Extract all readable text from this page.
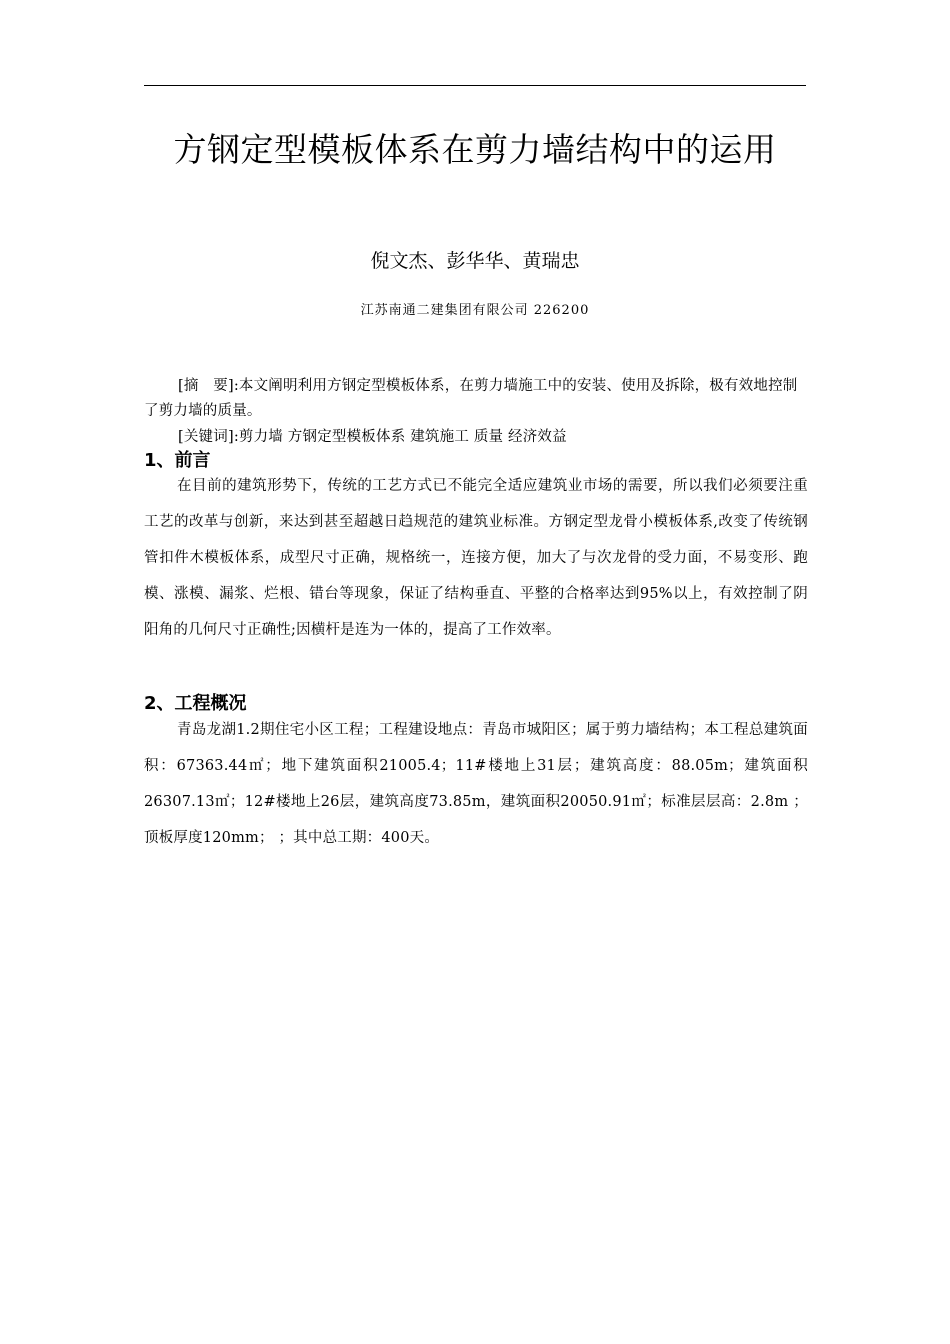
方钢定型模板体系在剪力墙结构中的运用
倪文杰、彭华华、黄瑞忠
江苏南通二建集团有限公司 226200
[摘　要]:本文阐明利用方钢定型模板体系，在剪力墙施工中的安装、使用及拆除，极有效地控制了剪力墙的质量。
[关键词]:剪力墙 方钢定型模板体系 建筑施工 质量 经济效益
1、前言
在目前的建筑形势下，传统的工艺方式已不能完全适应建筑业市场的需要，所以我们必须要注重工艺的改革与创新，来达到甚至超越日趋规范的建筑业标准。方钢定型龙骨小模板体系,改变了传统钢管扣件木模板体系，成型尺寸正确，规格统一，连接方便，加大了与次龙骨的受力面，不易变形、跑模、涨模、漏浆、烂根、错台等现象，保证了结构垂直、平整的合格率达到95%以上，有效控制了阴阳角的几何尺寸正确性;因横杆是连为一体的，提高了工作效率。
2、工程概况
青岛龙湖1.2期住宅小区工程；工程建设地点：青岛市城阳区；属于剪力墙结构；本工程总建筑面积：67363.44㎡；地下建筑面积21005.4；11#楼地上31层；建筑高度：88.05m；建筑面积26307.13㎡；12#楼地上26层，建筑高度73.85m，建筑面积20050.91㎡；标准层层高：2.8m ； 顶板厚度120mm； ；其中总工期：400天。
